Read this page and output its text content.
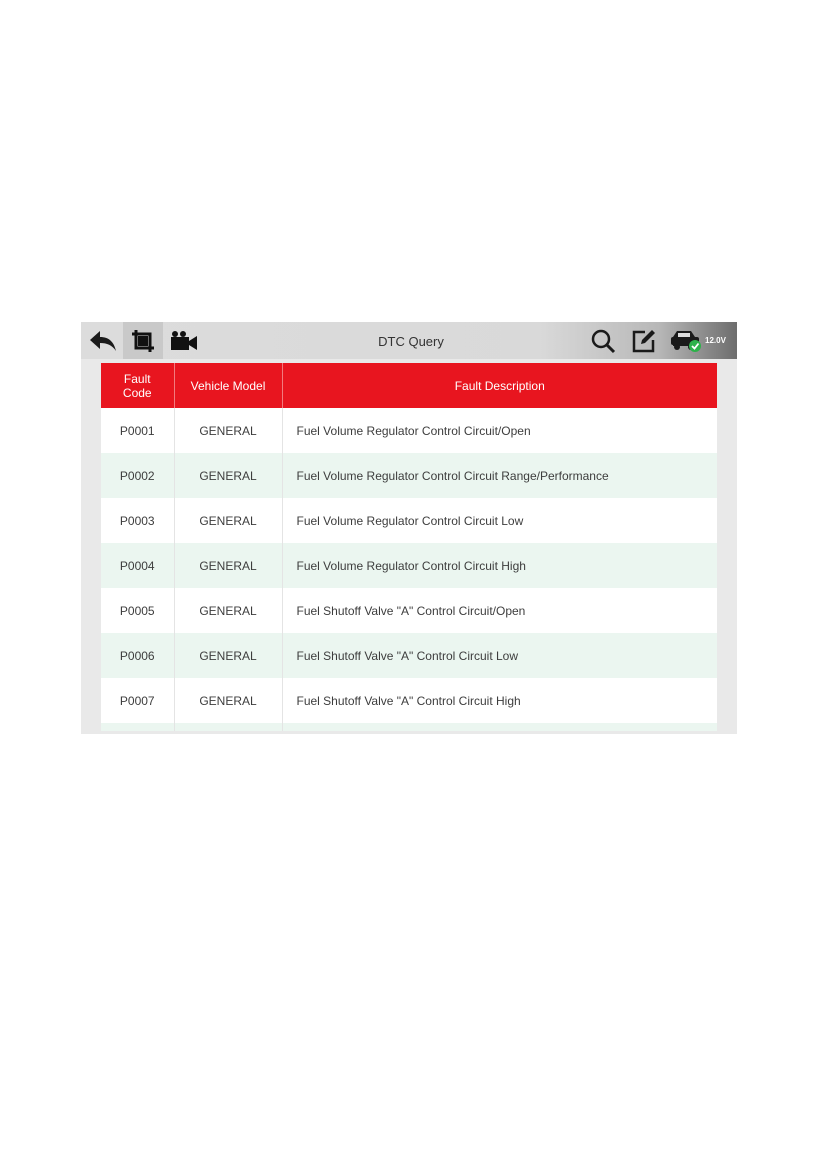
DTC Query	12.0V
Fault
Code	Vehicle Model	Fault Description
P0001	GENERAL	Fuel Volume Regulator Control Circuit/Open
P0002	GENERAL	Fuel Volume Regulator Control Circuit Range/Performance
P0003	GENERAL	Fuel Volume Regulator Control Circuit Low
P0004	GENERAL	Fuel Volume Regulator Control Circuit High
P0005	GENERAL	Fuel Shutoff Valve "A" Control Circuit/Open
P0006	GENERAL	Fuel Shutoff Valve "A" Control Circuit Low
P0007	GENERAL	Fuel Shutoff Valve "A" Control Circuit High
